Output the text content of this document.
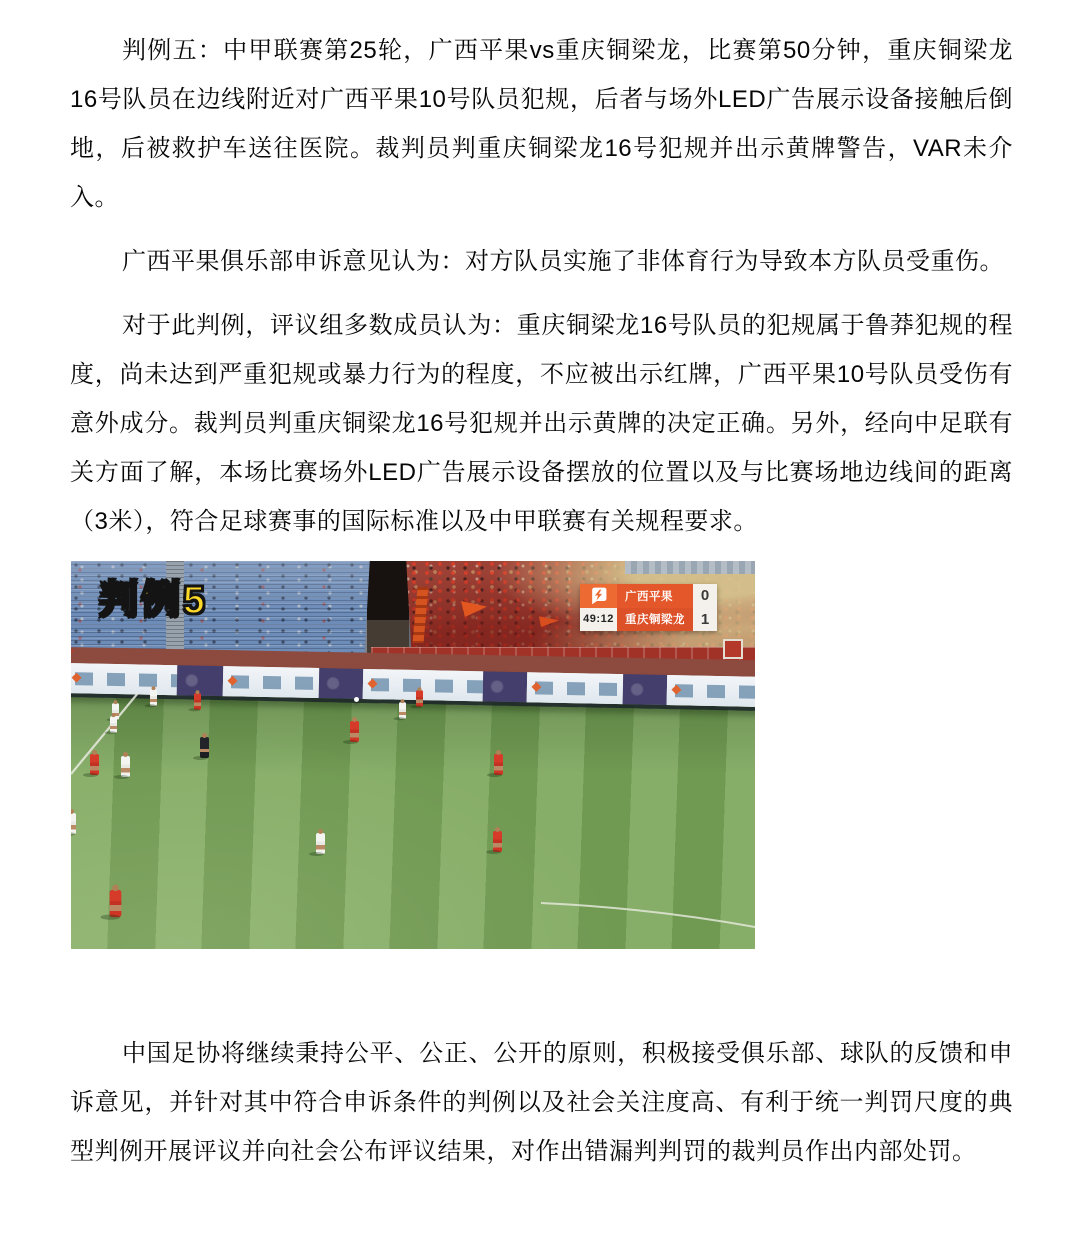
判例五：中甲联赛第25轮，广西平果vs重庆铜梁龙，比赛第50分钟，重庆铜梁龙16号队员在边线附近对广西平果10号队员犯规，后者与场外LED广告展示设备接触后倒地，后被救护车送往医院。裁判员判重庆铜梁龙16号犯规并出示黄牌警告，VAR未介入。

广西平果俱乐部申诉意见认为：对方队员实施了非体育行为导致本方队员受重伤。

对于此判例，评议组多数成员认为：重庆铜梁龙16号队员的犯规属于鲁莽犯规的程度，尚未达到严重犯规或暴力行为的程度，不应被出示红牌，广西平果10号队员受伤有意外成分。裁判员判重庆铜梁龙16号犯规并出示黄牌的决定正确。另外，经向中足联有关方面了解，本场比赛场外LED广告展示设备摆放的位置以及与比赛场地边线间的距离（3米），符合足球赛事的国际标准以及中甲联赛有关规程要求。

判例5	广西平果	0
49:12 重庆铜梁龙	1

中国足协将继续秉持公平、公正、公开的原则，积极接受俱乐部、球队的反馈和申诉意见，并针对其中符合申诉条件的判例以及社会关注度高、有利于统一判罚尺度的典型判例开展评议并向社会公布评议结果，对作出错漏判判罚的裁判员作出内部处罚。
